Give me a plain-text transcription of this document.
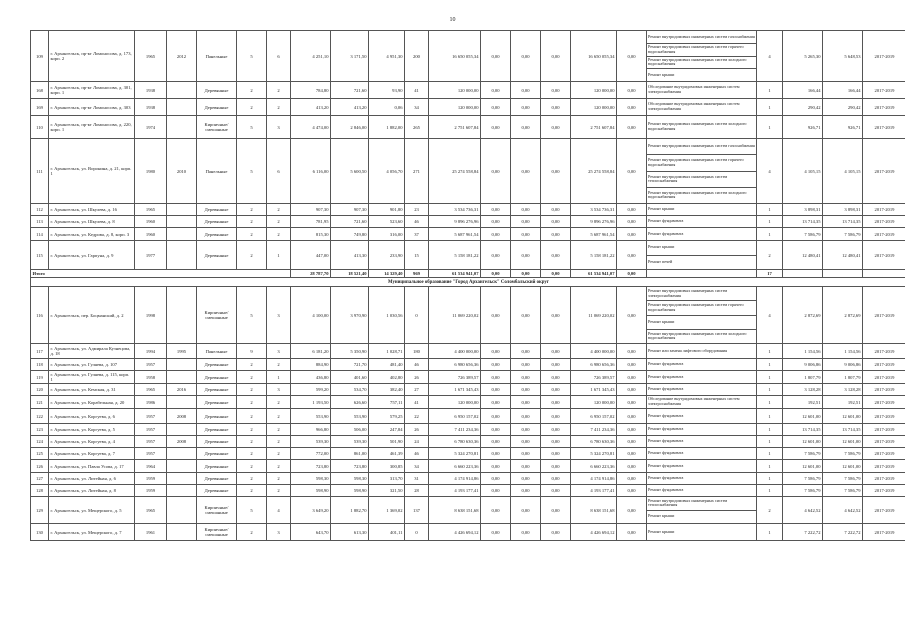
10
109	г. Архангельск, пр-кт Ломоносова, д. 173, корп. 2	1965	2012	Панельные	5	6	4 251,10	3 171,50	4 951,30	200	16 650 055,34	0,00	0,00	0,00	16 650 055,34	0,00	Ремонт внутридомовых инженерных систем газоснабжения
Ремонт внутридомовых инженерных систем горячего водоснабжения
Ремонт внутридомовых инженерных систем холодного водоснабжения
Ремонт крыши	4	5 265,30	5 648,53	2017-2019
168	г. Архангельск, пр-кт Ломоносова, д. 301, корп. 1	1938		Деревянные	2	2	784,80	721,60	93,90	41	120 000,00	0,00	0,00	0,00	120 000,00	0,00	Обследование внутридомовых инженерных систем электроснабжения	1	166,44	166,44	2017-2019
169	г. Архангельск, пр-кт Ломоносова, д. 303	1938		Деревянные	2	2	413,20	413,20	0,06	34	120 000,00	0,00	0,00	0,00	120 000,00	0,00	Обследование внутридомовых инженерных систем электроснабжения	1	290,42	290,42	2017-2019
110	г. Архангельск, пр-кт Ломоносова, д. 220, корп. 1	1974		Кирпичные/ смешанные	5	3	4 474,00	2 846,00	1 882,00	265	2 751 607,84	0,00	0,00	0,00	2 751 607,84	0,00	Ремонт внутридомовых инженерных систем холодного водоснабжения	1	926,71	926,71	2017-2019
111	г. Архангельск, ул. Воронина, д. 21, корп. 1	1980	2010	Панельные	5	6	6 116,00	5 600,50	4 056,70	271	25 274 558,84	0,00	0,00	0,00	25 274 558,84	0,00	Ремонт внутридомовых инженерных систем газоснабжения
Ремонт внутридомовых инженерных систем горячего водоснабжения
Ремонт внутридомовых инженерных систем теплоснабжения
Ремонт внутридомовых инженерных систем холодного водоснабжения	4	4 105,15	4 105,15	2017-2019
112	г. Архангельск, ул. Шкулева, д. 16	1965		Деревянные	2	2	907,30	907,30	901,80	23	3 534 736,31	0,00	0,00	0,00	3 534 736,31	0,00	Ремонт крыши	1	3 898,31	3 898,31	2017-2019
113	г. Архангельск, ул. Шкулева, д. 8	1960		Деревянные	2	2	781,95	721,60	523,60	46	9 896 276,96	0,00	0,00	0,00	9 896 276,96	0,00	Ремонт фундамента	1	13 714,35	13 714,35	2017-2019
114	г. Архангельск, ул. Кедрова, д. 8, корп. 3	1960		Деревянные	2	2	815,30	749,80	316,00	37	5 687 961,54	0,00	0,00	0,00	5 687 961,54	0,00	Ремонт фундамента	1	7 586,79	7 586,79	2017-2019
115	г. Архангельск, ул. Гарпуна, д. 9	1977		Деревянные	2	1	447,00	413,30	233,90	15	5 158 181,22	0,00	0,00	0,00	5 158 181,22	0,00	Ремонт крыши
Ремонт печей	2	12 480,41	12 480,41	2017-2019
Итого							28 787,70	18 521,40	14 329,40	969	61 534 941,07	0,00	0,00	0,00	61 534 941,07	0,00		17			
Муниципальное образование "Город Архангельск" Соломбальский округ																					
116	г. Архангельск, пер. Боцманский, д. 2	1998		Кирпичные/ смешанные	5	3	4 100,00	3 970,90	1 030,56	0	11 069 220,02	0,00	0,00	0,00	11 069 220,02	0,00	Ремонт внутридомовых инженерных систем электроснабжения
Ремонт внутридомовых инженерных систем горячего водоснабжения
Ремонт крыши
Ремонт внутридомовых инженерных систем холодного водоснабжения	4	2 872,69	2 872,69	2017-2019
117	г. Архангельск, ул. Адмирала Кузнецова, д. 18	1994	1995	Панельные	9	3	6 181,20	5 350,90	1 028,71	180	4 400 000,00	0,00	0,00	0,00	4 400 000,00	0,00	Ремонт или замена лифтового оборудования	1	1 154,56	1 154,56	2017-2019
118	г. Архангельск, ул. Гуляева, д. 107	1957		Деревянные	2	2	884,90	721,70	481,40	46	6 980 656,36	0,00	0,00	0,00	6 980 656,36	0,00	Ремонт фундамента	1	9 006,86	9 006,86	2017-2019
119	г. Архангельск, ул. Гуляева, д. 115, корп. 1	1958		Деревянные	2	1	436,80	401,60	402,80	26	726 389,57	0,00	0,00	0,00	726 389,57	0,00	Ремонт фундамента	1	1 807,79	1 807,79	2017-2019
120	г. Архангельск, ул. Кемская, д. 31	1965	2016	Деревянные	2	3	599,20	534,70	382,40	27	1 671 345,43	0,00	0,00	0,00	1 671 345,43	0,00	Ремонт фундамента	1	3 128,28	3 128,28	2017-2019
121	г. Архангельск, ул. Корабельная, д. 20	1986		Деревянные	2	2	1 193,50	626,60	757,11	41	120 000,00	0,00	0,00	0,00	120 000,00	0,00	Обследование внутридомовых инженерных систем электроснабжения	1	192,51	192,51	2017-2019
122	г. Архангельск, ул. Коргуева, д. 6	1957	2008	Деревянные	2	2	553,90	553,90	579,25	22	6 950 157,02	0,00	0,00	0,00	6 950 157,02	0,00	Ремонт фундамента	1	12 601,00	12 601,00	2017-2019
123	г. Архангельск, ул. Коргуева, д. 5	1957		Деревянные	2	2	966,80	506,00	247,84	26	7 411 234,36	0,00	0,00	0,00	7 411 234,36	0,00	Ремонт фундамента	1	13 714,35	13 714,35	2017-2019
124	г. Архангельск, ул. Коргуева, д. 4	1957	2008	Деревянные	2	2	539,30	539,30	501,90	24	6 780 630,36	0,00	0,00	0,00	6 780 630,36	0,00	Ремонт фундамента	1	12 601,00	12 601,00	2017-2019
125	г. Архангельск, ул. Коргуева, д. 7	1957		Деревянные	2	2	772,00	861,00	461,39	46	5 324 270,81	0,00	0,00	0,00	5 324 270,81	0,00	Ремонт фундамента	1	7 586,79	7 586,79	2017-2019
126	г. Архангельск, ул. Павла Усова, д. 17	1964		Деревянные	2	2	723,80	723,80	300,85	34	6 660 223,36	0,00	0,00	0,00	6 660 223,36	0,00	Ремонт фундамента	1	12 601,00	12 601,00	2017-2019
127	г. Архангельск, ул. Литейная, д. 6	1959		Деревянные	2	2	598,30	598,30	313,70	31	4 174 914,86	0,00	0,00	0,00	4 174 914,86	0,00	Ремонт фундамента	1	7 586,79	7 586,79	2017-2019
128	г. Архангельск, ул. Литейная, д. 8	1959		Деревянные	2	2	598,90	598,90	321,50	28	4 193 177,41	0,00	0,00	0,00	4 193 177,41	0,00	Ремонт фундамента	1	7 586,79	7 586,79	2017-2019
129	г. Архангельск, ул. Мещерского, д. 5	1965		Кирпичные/ смешанные	5	4	3 649,20	1 882,70	1 369,02	137	8 638 151,68	0,00	0,00	0,00	8 638 151,68	0,00	Ремонт внутридомовых инженерных систем теплоснабжения
Ремонт крыши	2	4 642,52	4 642,52	2017-2019
130	г. Архангельск, ул. Мещерского, д. 7	1961		Кирпичные/ смешанные	2	3	643,70	613,30	401,11	0	4 426 694,12	0,00	0,00	0,00	4 426 694,12	0,00	Ремонт крыши	1	7 222,72	7 222,72	2017-2019
